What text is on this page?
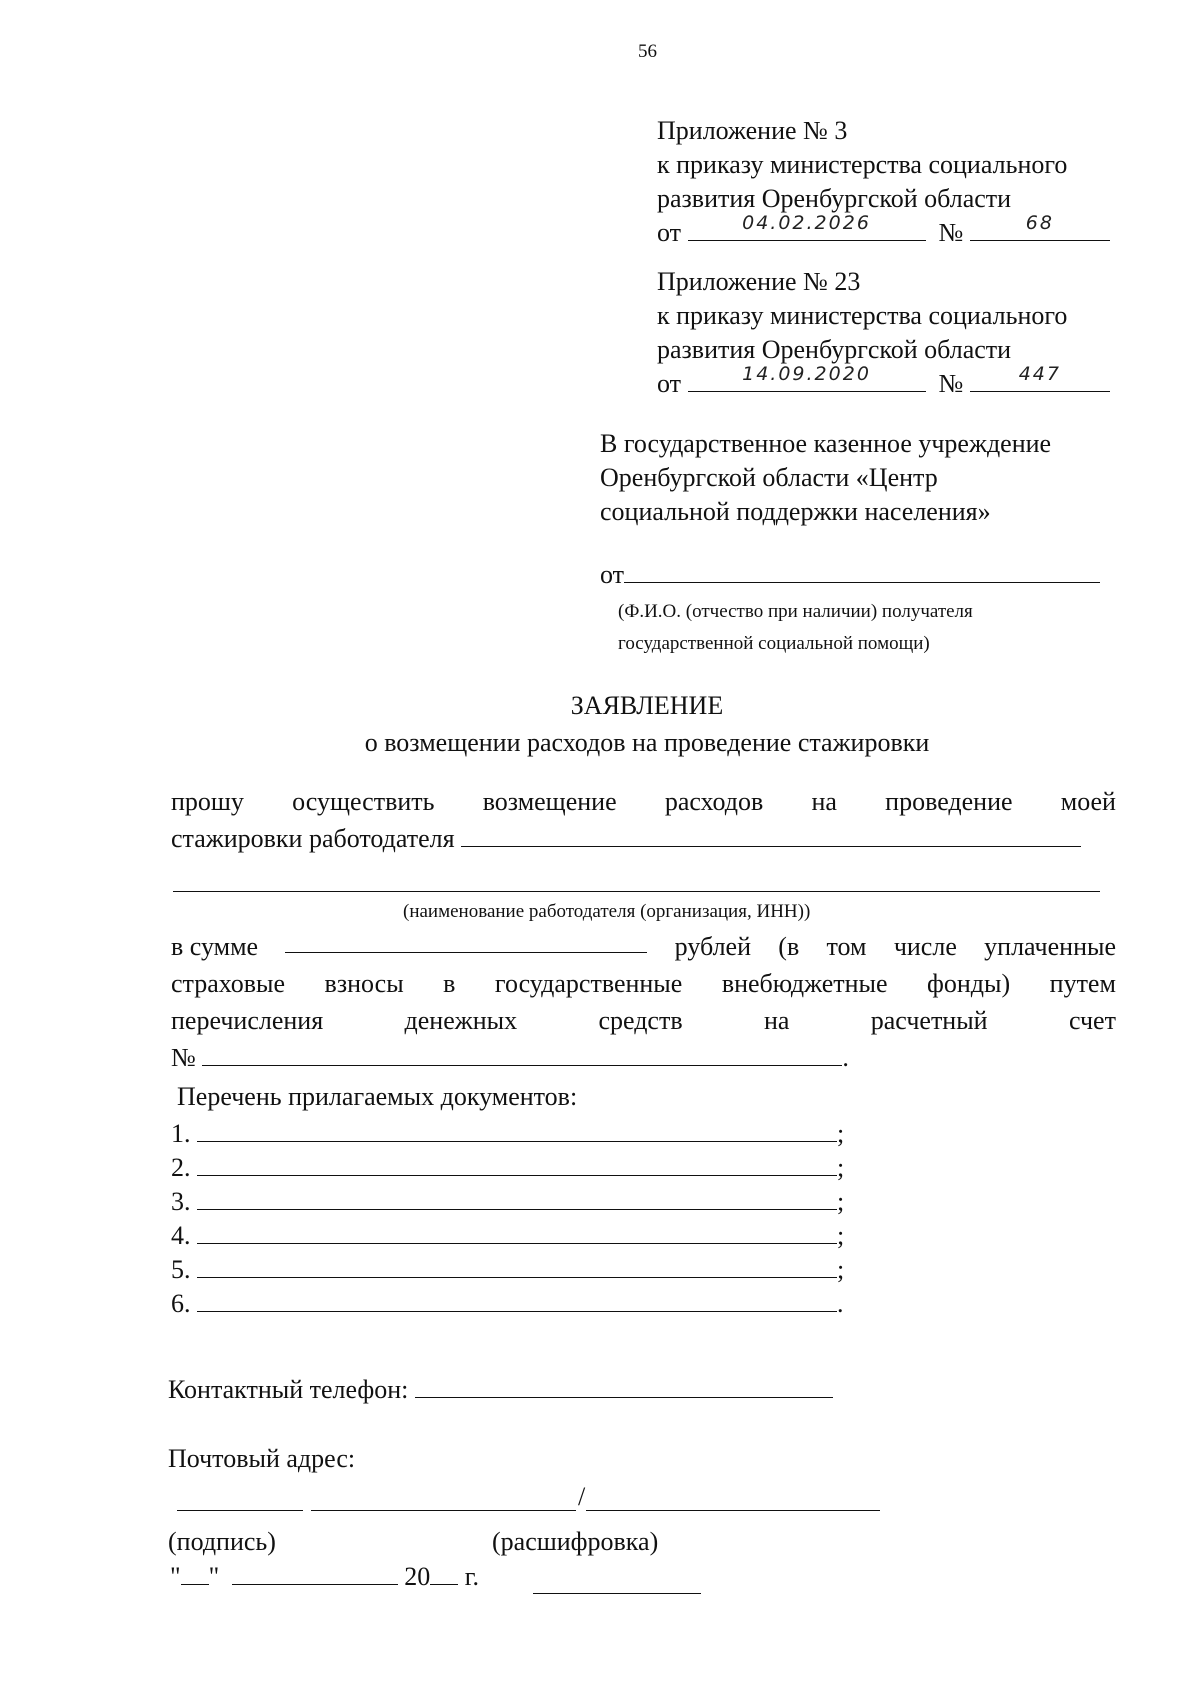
56
Приложение № 3
к приказу министерства социального
развития Оренбургской области
от	04.02.2026	№	68
Приложение № 23
к приказу министерства социального
развития Оренбургской области
от	14.09.2020	№	447
В государственное казенное учреждение
Оренбургской области «Центр
социальной поддержки населения»
от
(Ф.И.О. (отчество при наличии) получателя
государственной социальной помощи)
ЗАЯВЛЕНИЕ
о возмещении расходов на проведение стажировки
прошу осуществить возмещение расходов на проведение моей
стажировки работодателя
(наименование работодателя (организация, ИНН))
в сумме	рублей (в том числе уплаченные
страховые взносы в государственные внебюджетные фонды) путем
перечисления	денежных	средств	на	расчетный	счет
№	.
Перечень прилагаемых документов:
1.	;
2.	;
3.	;
4.	;
5.	;
6.	.
Контактный телефон:
Почтовый адрес:
/
(подпись)	(расшифровка)
" "	20 г.
